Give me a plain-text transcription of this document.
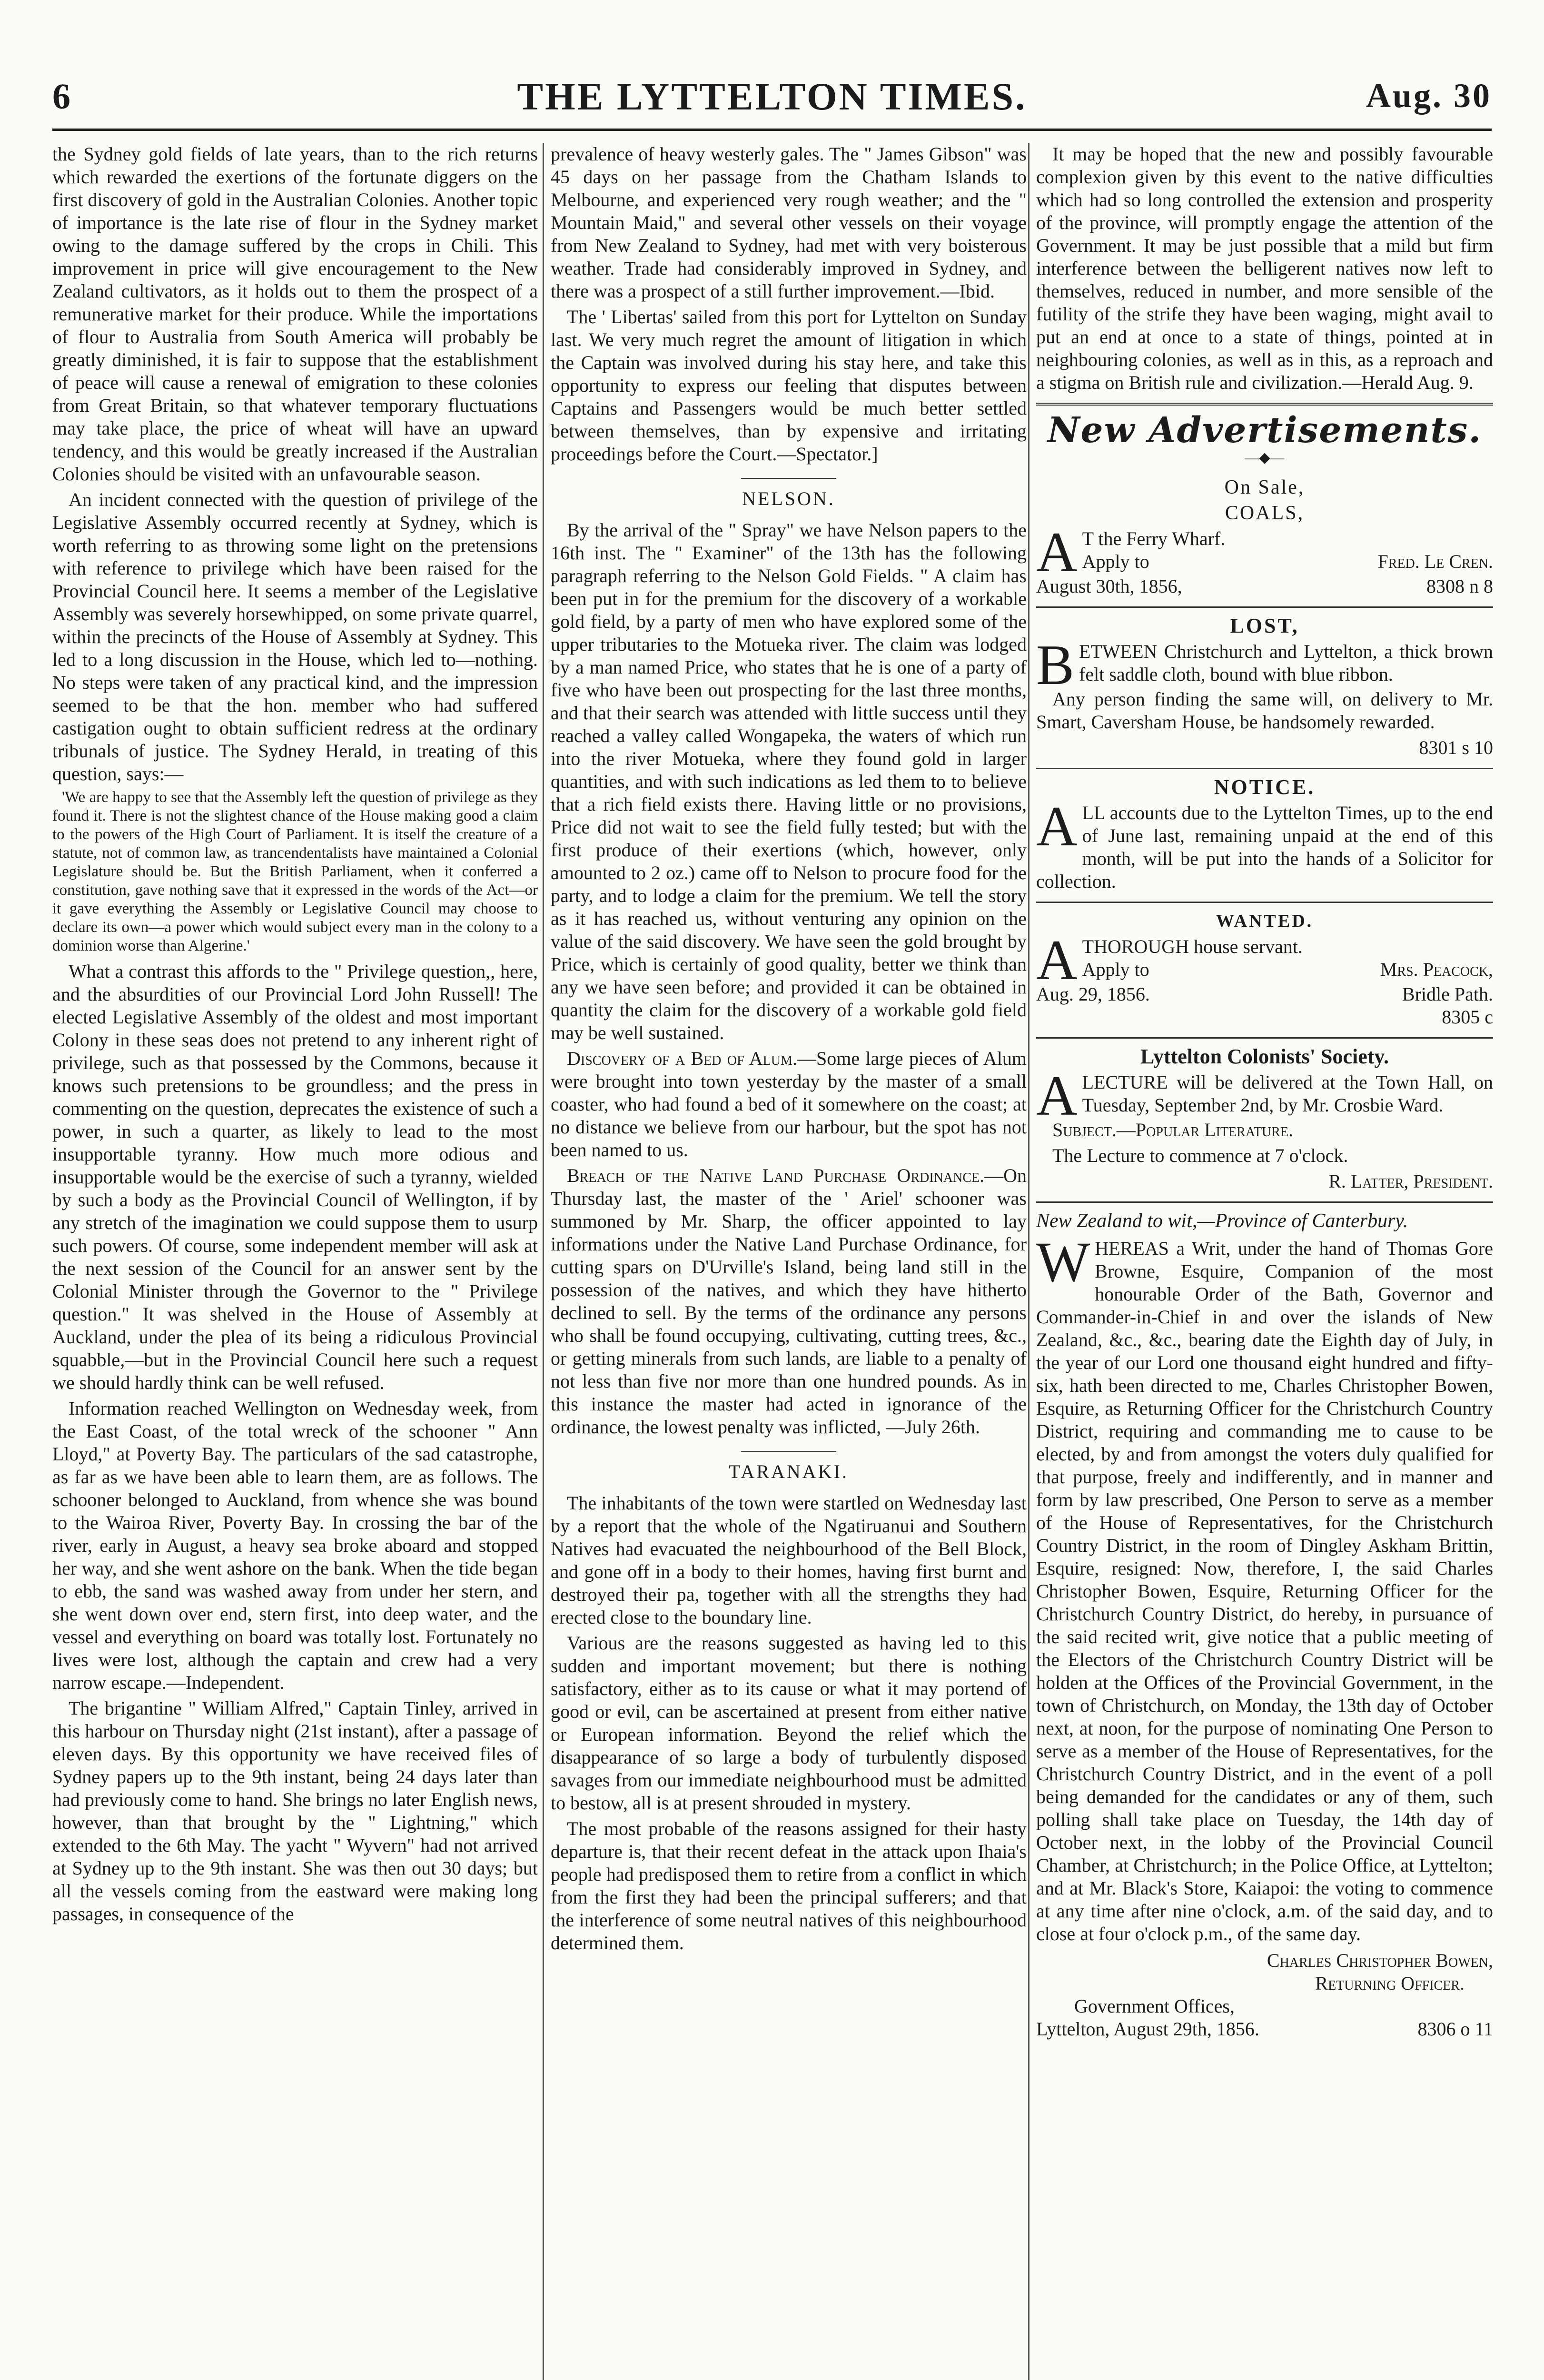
6	THE LYTTELTON TIMES.	Aug. 30

the Sydney gold fields of late years, than to the rich returns which rewarded the exertions of the fortunate diggers on the first discovery of gold in the Australian Colonies. Another topic of importance is the late rise of flour in the Sydney market owing to the damage suffered by the crops in Chili. This improvement in price will give encouragement to the New Zealand cultivators, as it holds out to them the prospect of a remunerative market for their produce. While the importations of flour to Australia from South America will probably be greatly diminished, it is fair to suppose that the establishment of peace will cause a renewal of emigration to these colonies from Great Britain, so that whatever temporary fluctuations may take place, the price of wheat will have an upward tendency, and this would be greatly increased if the Australian Colonies should be visited with an unfavourable season.

An incident connected with the question of privilege of the Legislative Assembly occurred recently at Sydney, which is worth referring to as throwing some light on the pretensions with reference to privilege which have been raised for the Provincial Council here. It seems a member of the Legislative Assembly was severely horsewhipped, on some private quarrel, within the precincts of the House of Assembly at Sydney. This led to a long discussion in the House, which led to—nothing. No steps were taken of any practical kind, and the impression seemed to be that the hon. member who had suffered castigation ought to obtain sufficient redress at the ordinary tribunals of justice. The Sydney Herald, in treating of this question, says:—

'We are happy to see that the Assembly left the question of privilege as they found it. There is not the slightest chance of the House making good a claim to the powers of the High Court of Parliament. It is itself the creature of a statute, not of common law, as trancendentalists have maintained a Colonial Legislature should be. But the British Parliament, when it conferred a constitution, gave nothing save that it expressed in the words of the Act—or it gave everything the Assembly or Legislative Council may choose to declare its own—a power which would subject every man in the colony to a dominion worse than Algerine.'

What a contrast this affords to the " Privilege question,, here, and the absurdities of our Provincial Lord John Russell! The elected Legislative Assembly of the oldest and most important Colony in these seas does not pretend to any inherent right of privilege, such as that possessed by the Commons, because it knows such pretensions to be groundless; and the press in commenting on the question, deprecates the existence of such a power, in such a quarter, as likely to lead to the most insupportable tyranny. How much more odious and insupportable would be the exercise of such a tyranny, wielded by such a body as the Provincial Council of Wellington, if by any stretch of the imagination we could suppose them to usurp such powers. Of course, some independent member will ask at the next session of the Council for an answer sent by the Colonial Minister through the Governor to the " Privilege question." It was shelved in the House of Assembly at Auckland, under the plea of its being a ridiculous Provincial squabble,—but in the Provincial Council here such a request we should hardly think can be well refused.

Information reached Wellington on Wednesday week, from the East Coast, of the total wreck of the schooner " Ann Lloyd," at Poverty Bay. The particulars of the sad catastrophe, as far as we have been able to learn them, are as follows. The schooner belonged to Auckland, from whence she was bound to the Wairoa River, Poverty Bay. In crossing the bar of the river, early in August, a heavy sea broke aboard and stopped her way, and she went ashore on the bank. When the tide began to ebb, the sand was washed away from under her stern, and she went down over end, stern first, into deep water, and the vessel and everything on board was totally lost. Fortunately no lives were lost, although the captain and crew had a very narrow escape.—Independent.

The brigantine " William Alfred," Captain Tinley, arrived in this harbour on Thursday night (21st instant), after a passage of eleven days. By this opportunity we have received files of Sydney papers up to the 9th instant, being 24 days later than had previously come to hand. She brings no later English news, however, than that brought by the " Lightning," which extended to the 6th May. The yacht " Wyvern" had not arrived at Sydney up to the 9th instant. She was then out 30 days; but all the vessels coming from the eastward were making long passages, in consequence of the

prevalence of heavy westerly gales. The " James Gibson" was 45 days on her passage from the Chatham Islands to Melbourne, and experienced very rough weather; and the " Mountain Maid," and several other vessels on their voyage from New Zealand to Sydney, had met with very boisterous weather. Trade had considerably improved in Sydney, and there was a prospect of a still further improvement.—Ibid.

The ' Libertas' sailed from this port for Lyttelton on Sunday last. We very much regret the amount of litigation in which the Captain was involved during his stay here, and take this opportunity to express our feeling that disputes between Captains and Passengers would be much better settled between themselves, than by expensive and irritating proceedings before the Court.—Spectator.]

NELSON.

By the arrival of the " Spray" we have Nelson papers to the 16th inst. The " Examiner" of the 13th has the following paragraph referring to the Nelson Gold Fields. " A claim has been put in for the premium for the discovery of a workable gold field, by a party of men who have explored some of the upper tributaries to the Motueka river. The claim was lodged by a man named Price, who states that he is one of a party of five who have been out prospecting for the last three months, and that their search was attended with little success until they reached a valley called Wongapeka, the waters of which run into the river Motueka, where they found gold in larger quantities, and with such indications as led them to to believe that a rich field exists there. Having little or no provisions, Price did not wait to see the field fully tested; but with the first produce of their exertions (which, however, only amounted to 2 oz.) came off to Nelson to procure food for the party, and to lodge a claim for the premium. We tell the story as it has reached us, without venturing any opinion on the value of the said discovery. We have seen the gold brought by Price, which is certainly of good quality, better we think than any we have seen before; and provided it can be obtained in quantity the claim for the discovery of a workable gold field may be well sustained.

Discovery of a Bed of Alum.—Some large pieces of Alum were brought into town yesterday by the master of a small coaster, who had found a bed of it somewhere on the coast; at no distance we believe from our harbour, but the spot has not been named to us.

Breach of the Native Land Purchase Ordinance.—On Thursday last, the master of the ' Ariel' schooner was summoned by Mr. Sharp, the officer appointed to lay informations under the Native Land Purchase Ordinance, for cutting spars on D'Urville's Island, being land still in the possession of the natives, and which they have hitherto declined to sell. By the terms of the ordinance any persons who shall be found occupying, cultivating, cutting trees, &c., or getting minerals from such lands, are liable to a penalty of not less than five nor more than one hundred pounds. As in this instance the master had acted in ignorance of the ordinance, the lowest penalty was inflicted, —July 26th.

TARANAKI.

The inhabitants of the town were startled on Wednesday last by a report that the whole of the Ngatiruanui and Southern Natives had evacuated the neighbourhood of the Bell Block, and gone off in a body to their homes, having first burnt and destroyed their pa, together with all the strengths they had erected close to the boundary line.

Various are the reasons suggested as having led to this sudden and important movement; but there is nothing satisfactory, either as to its cause or what it may portend of good or evil, can be ascertained at present from either native or European information. Beyond the relief which the disappearance of so large a body of turbulently disposed savages from our immediate neighbourhood must be admitted to bestow, all is at present shrouded in mystery.

The most probable of the reasons assigned for their hasty departure is, that their recent defeat in the attack upon Ihaia's people had predisposed them to retire from a conflict in which from the first they had been the principal sufferers; and that the interference of some neutral natives of this neighbourhood determined them.

It may be hoped that the new and possibly favourable complexion given by this event to the native difficulties which had so long controlled the extension and prosperity of the province, will promptly engage the attention of the Government. It may be just possible that a mild but firm interference between the belligerent natives now left to themselves, reduced in number, and more sensible of the futility of the strife they have been waging, might avail to put an end at once to a state of things, pointed at in neighbouring colonies, as well as in this, as a reproach and a stigma on British rule and civilization.—Herald Aug. 9.

New Advertisements.
—◆—
On Sale,
COALS,
A T the Ferry Wharf.

Apply to	Fred. Le Cren.
August 30th, 1856,	8308 n 8
LOST,
B ETWEEN Christchurch and Lyttelton, a thick brown felt saddle cloth, bound with blue ribbon.

Any person finding the same will, on delivery to Mr. Smart, Caversham House, be handsomely rewarded.

8301 s 10
NOTICE.
A LL accounts due to the Lyttelton Times, up to the end of June last, remaining unpaid at the end of this month, will be put into the hands of a Solicitor for collection.

WANTED.
A THOROUGH house servant.

Apply to	Mrs. Peacock,
Aug. 29, 1856.	Bridle Path.
8305 c
Lyttelton Colonists' Society.
A LECTURE will be delivered at the Town Hall, on Tuesday, September 2nd, by Mr. Crosbie Ward.

Subject.—Popular Literature.

The Lecture to commence at 7 o'clock.

R. Latter, President.
New Zealand to wit,—Province of Canterbury.
W HEREAS a Writ, under the hand of Thomas Gore Browne, Esquire, Companion of the most honourable Order of the Bath, Governor and Commander-in-Chief in and over the islands of New Zealand, &c., &c., bearing date the Eighth day of July, in the year of our Lord one thousand eight hundred and fifty-six, hath been directed to me, Charles Christopher Bowen, Esquire, as Returning Officer for the Christchurch Country District, requiring and commanding me to cause to be elected, by and from amongst the voters duly qualified for that purpose, freely and indifferently, and in manner and form by law prescribed, One Person to serve as a member of the House of Representatives, for the Christchurch Country District, in the room of Dingley Askham Brittin, Esquire, resigned: Now, therefore, I, the said Charles Christopher Bowen, Esquire, Returning Officer for the Christchurch Country District, do hereby, in pursuance of the said recited writ, give notice that a public meeting of the Electors of the Christchurch Country District will be holden at the Offices of the Provincial Government, in the town of Christchurch, on Monday, the 13th day of October next, at noon, for the purpose of nominating One Person to serve as a member of the House of Representatives, for the Christchurch Country District, and in the event of a poll being demanded for the candidates or any of them, such polling shall take place on Tuesday, the 14th day of October next, in the lobby of the Provincial Council Chamber, at Christchurch; in the Police Office, at Lyttelton; and at Mr. Black's Store, Kaiapoi: the voting to commence at any time after nine o'clock, a.m. of the said day, and to close at four o'clock p.m., of the same day.

Charles Christopher Bowen,
Returning Officer.
Government Offices,
Lyttelton, August 29th, 1856.	8306 o 11
